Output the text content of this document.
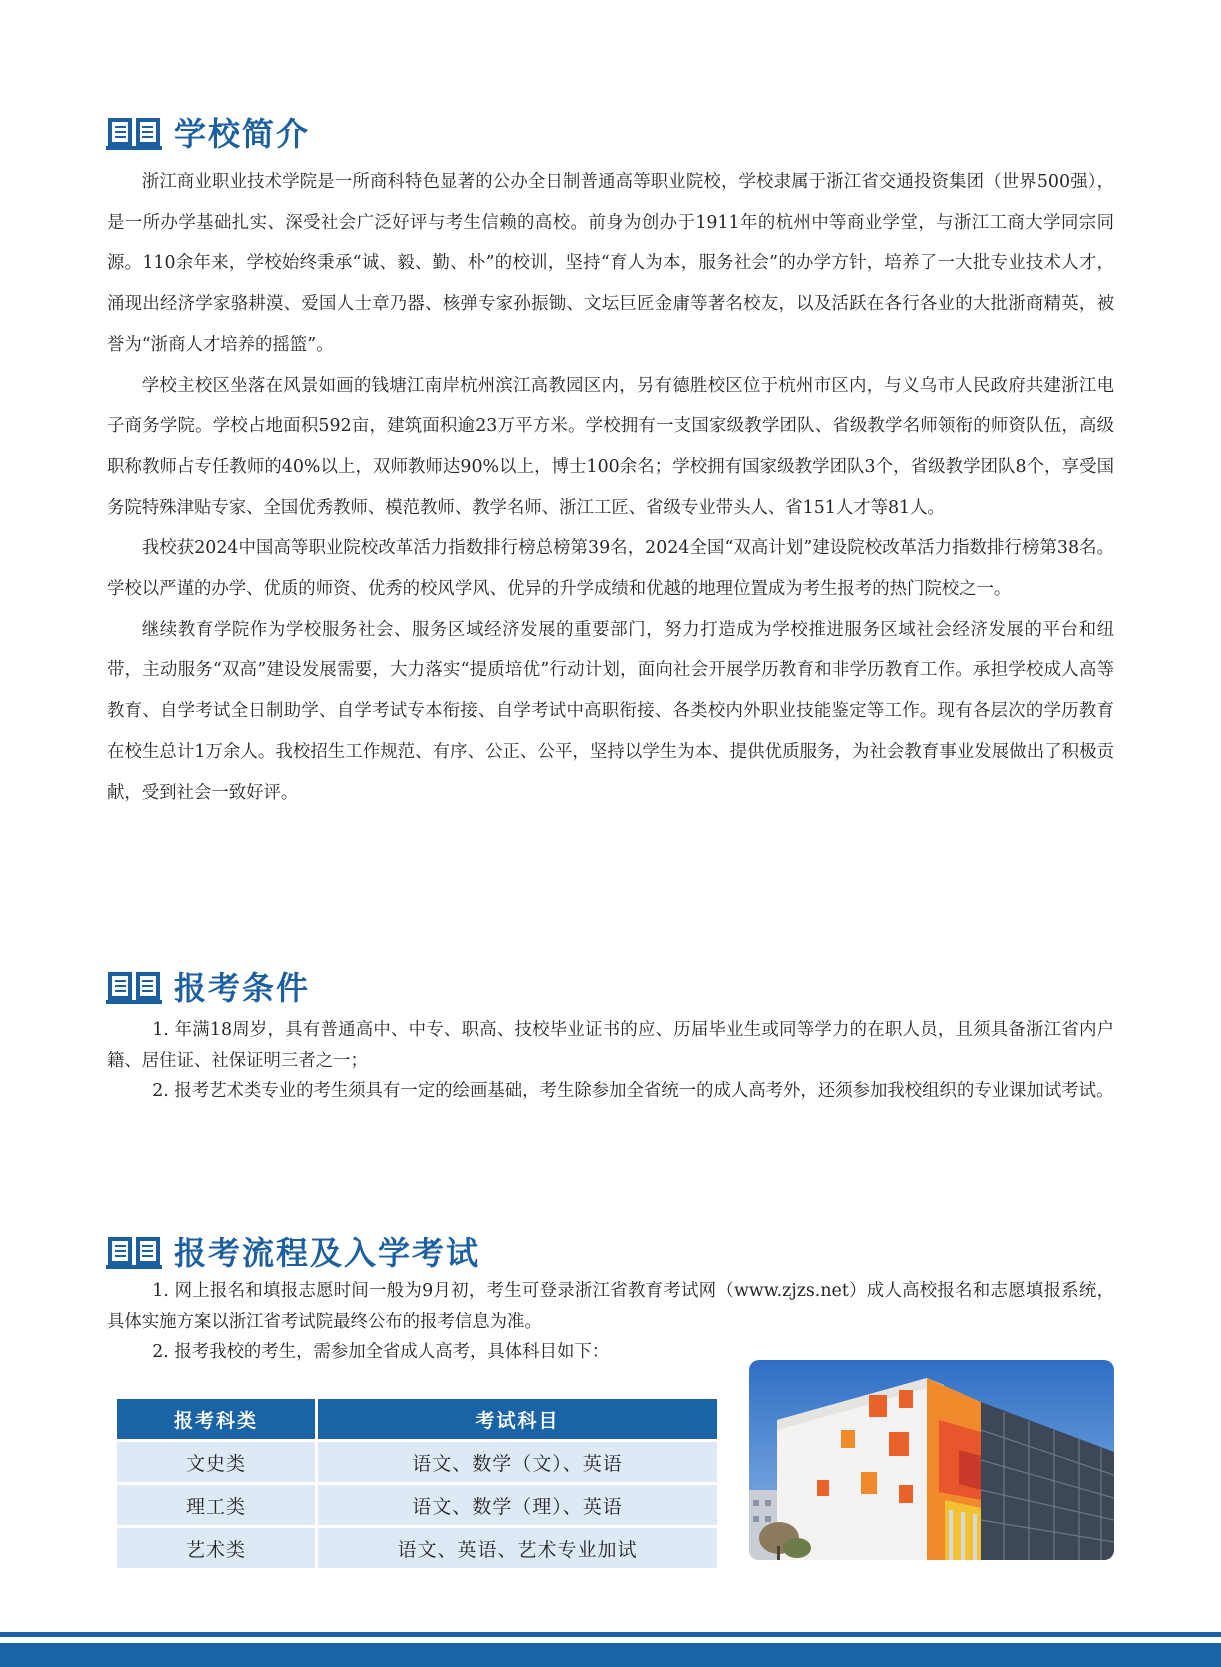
学校简介

浙江商业职业技术学院是一所商科特色显著的公办全日制普通高等职业院校，学校隶属于浙江省交通投资集团（世界500强），是一所办学基础扎实、深受社会广泛好评与考生信赖的高校。前身为创办于1911年的杭州中等商业学堂，与浙江工商大学同宗同源。110余年来，学校始终秉承“诚、毅、勤、朴”的校训，坚持“育人为本，服务社会”的办学方针，培养了一大批专业技术人才，涌现出经济学家骆耕漠、爱国人士章乃器、核弹专家孙振锄、文坛巨匠金庸等著名校友，以及活跃在各行各业的大批浙商精英，被誉为“浙商人才培养的摇篮”。

学校主校区坐落在风景如画的钱塘江南岸杭州滨江高教园区内，另有德胜校区位于杭州市区内，与义乌市人民政府共建浙江电子商务学院。学校占地面积592亩，建筑面积逾23万平方米。学校拥有一支国家级教学团队、省级教学名师领衔的师资队伍，高级职称教师占专任教师的40%以上，双师教师达90%以上，博士100余名；学校拥有国家级教学团队3个，省级教学团队8个，享受国务院特殊津贴专家、全国优秀教师、模范教师、教学名师、浙江工匠、省级专业带头人、省151人才等81人。

我校获2024中国高等职业院校改革活力指数排行榜总榜第39名，2024全国“双高计划”建设院校改革活力指数排行榜第38名。学校以严谨的办学、优质的师资、优秀的校风学风、优异的升学成绩和优越的地理位置成为考生报考的热门院校之一。

继续教育学院作为学校服务社会、服务区域经济发展的重要部门，努力打造成为学校推进服务区域社会经济发展的平台和纽带，主动服务“双高”建设发展需要，大力落实“提质培优”行动计划，面向社会开展学历教育和非学历教育工作。承担学校成人高等教育、自学考试全日制助学、自学考试专本衔接、自学考试中高职衔接、各类校内外职业技能鉴定等工作。现有各层次的学历教育在校生总计1万余人。我校招生工作规范、有序、公正、公平，坚持以学生为本、提供优质服务，为社会教育事业发展做出了积极贡献，受到社会一致好评。

报考条件

1. 年满18周岁，具有普通高中、中专、职高、技校毕业证书的应、历届毕业生或同等学力的在职人员，且须具备浙江省内户籍、居住证、社保证明三者之一；

2. 报考艺术类专业的考生须具有一定的绘画基础，考生除参加全省统一的成人高考外，还须参加我校组织的专业课加试考试。

报考流程及入学考试

1. 网上报名和填报志愿时间一般为9月初，考生可登录浙江省教育考试网（www.zjzs.net）成人高校报名和志愿填报系统，具体实施方案以浙江省考试院最终公布的报考信息为准。

2. 报考我校的考生，需参加全省成人高考，具体科目如下：

报考科类	考试科目
文史类	语文、数学（文）、英语
理工类	语文、数学（理）、英语
艺术类	语文、英语、艺术专业加试
